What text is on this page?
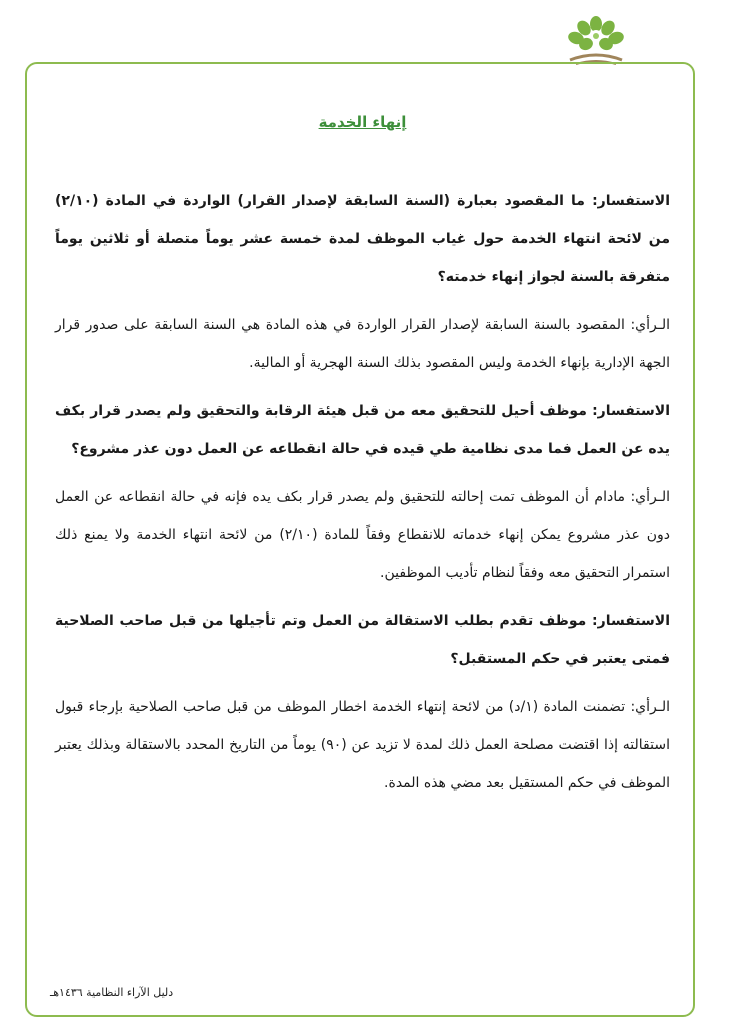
إنهاء الخدمة

الاستفسار: ما المقصود بعبارة (السنة السابقة لإصدار القرار) الواردة في المادة (٢/١٠) من لائحة انتهاء الخدمة حول غياب الموظف لمدة خمسة عشر يوماً متصلة أو ثلاثين يوماً متفرقة بالسنة لجواز إنهاء خدمته؟

الـرأي: المقصود بالسنة السابقة لإصدار القرار الواردة في هذه المادة هي السنة السابقة على صدور قرار الجهة الإدارية بإنهاء الخدمة وليس المقصود بذلك السنة الهجرية أو المالية.

الاستفسار: موظف أحيل للتحقيق معه من قبل هيئة الرقابة والتحقيق ولم يصدر قرار بكف يده عن العمل فما مدى نظامية طي قيده في حالة انقطاعه عن العمل دون عذر مشروع؟

الـرأي: مادام أن الموظف تمت إحالته للتحقيق ولم يصدر قرار بكف يده فإنه في حالة انقطاعه عن العمل دون عذر مشروع يمكن إنهاء خدماته للانقطاع وفقاً للمادة (٢/١٠) من لائحة انتهاء الخدمة ولا يمنع ذلك استمرار التحقيق معه وفقاً لنظام تأديب الموظفين.

الاستفسار: موظف تقدم بطلب الاستقالة من العمل وتم تأجيلها من قبل صاحب الصلاحية فمتى يعتبر في حكم المستقبل؟

الـرأي: تضمنت المادة (١/د) من لائحة إنتهاء الخدمة اخطار الموظف من قبل صاحب الصلاحية بإرجاء قبول استقالته إذا اقتضت مصلحة العمل ذلك لمدة لا تزيد عن (٩٠) يوماً من التاريخ المحدد بالاستقالة وبذلك يعتبر الموظف في حكم المستقيل بعد مضي هذه المدة.

دليل الآراء النظامية ١٤٣٦هـ
